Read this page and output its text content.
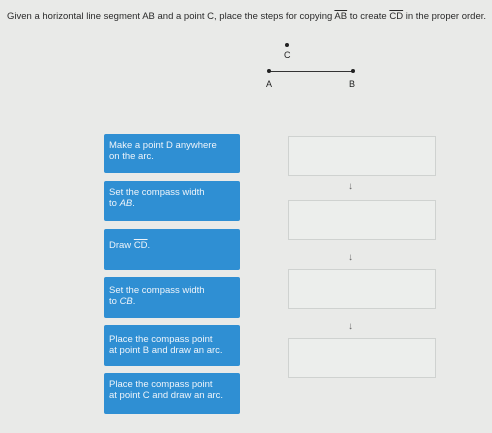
Given a horizontal line segment AB and a point C, place the steps for copying $\overline{AB}$ to create $\overline{CD}$ in the proper order.
C
A	B
Make a point D anywhere
on the arc.
Set the compass width
to AB.
Draw $\overline{CD}$.
Set the compass width
to CB.
Place the compass point
at point B and draw an arc.
Place the compass point
at point C and draw an arc.
↓
↓
↓
